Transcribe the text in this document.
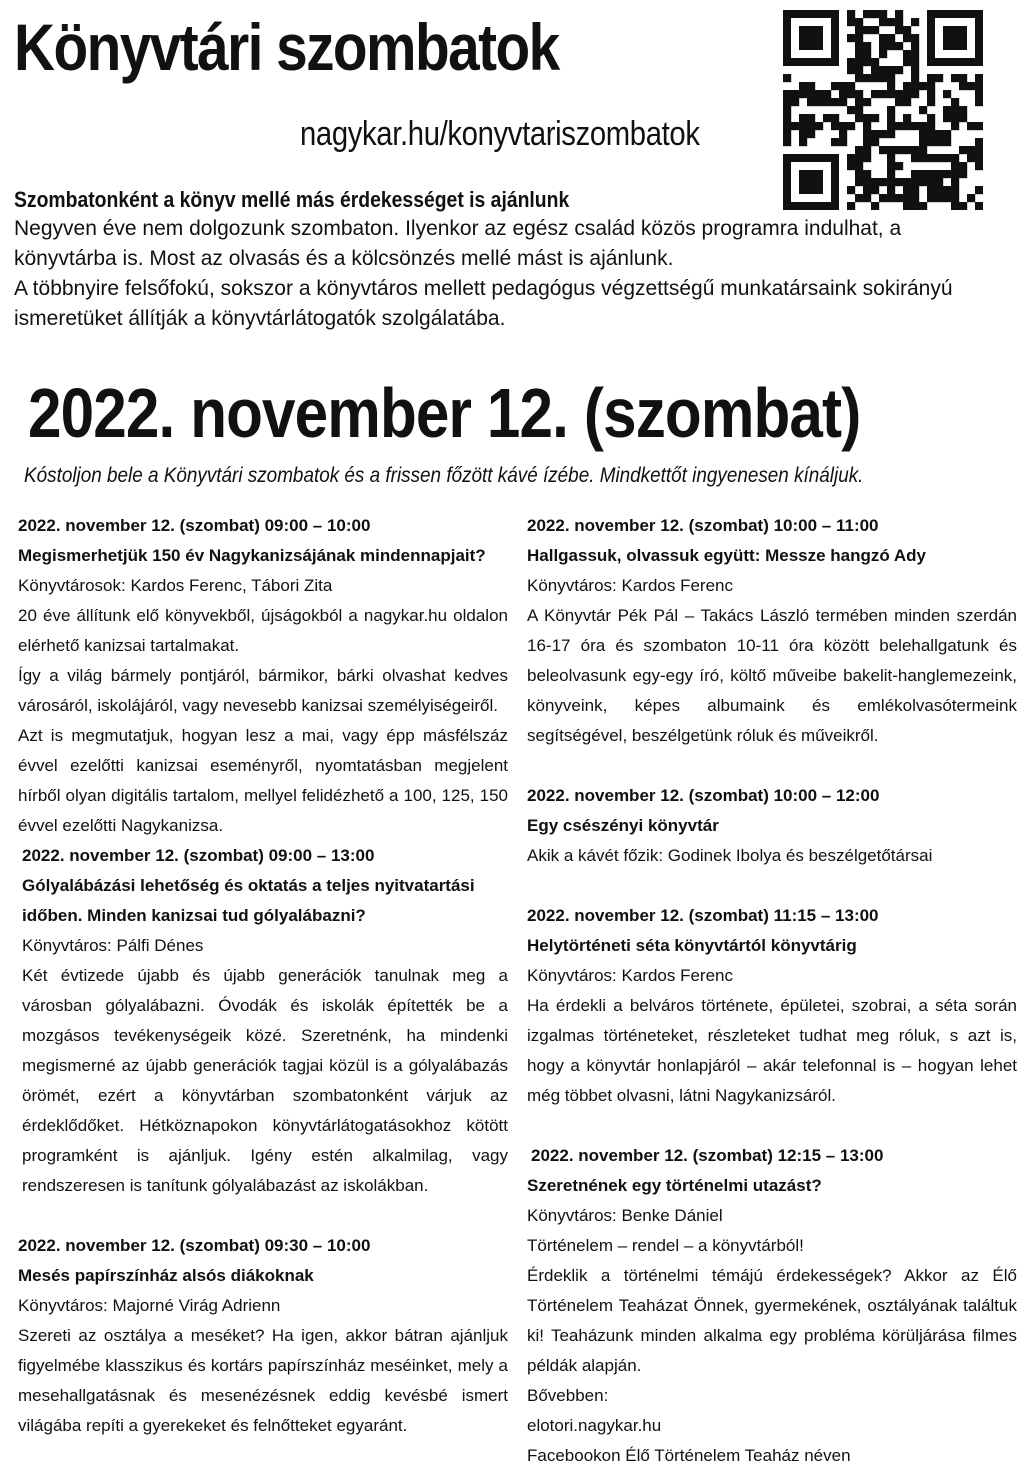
Könyvtári szombatok
nagykar.hu/konyvtariszombatok
Szombatonként a könyv mellé más érdekességet is ajánlunk

Negyven éve nem dolgozunk szombaton. Ilyenkor az egész család közös programra indulhat, a könyvtárba is. Most az olvasás és a kölcsönzés mellé mást is ajánlunk.

A többnyire felsőfokú, sokszor a könyvtáros mellett pedagógus végzettségű munkatársaink sokirányú ismeretüket állítják a könyvtárlátogatók szolgálatába.

2022. november 12. (szombat)
Kóstoljon bele a Könyvtári szombatok és a frissen főzött kávé ízébe. Mindkettőt ingyenesen kínáljuk.
2022. november 12. (szombat) 09:00 – 10:00
Megismerhetjük 150 év Nagykanizsájának mindennapjait?
Könyvtárosok: Kardos Ferenc, Tábori Zita
20 éve állítunk elő könyvekből, újságokból a nagykar.hu oldalon elérhető kanizsai tartalmakat.
Így a világ bármely pontjáról, bármikor, bárki olvashat kedves városáról, iskolájáról, vagy nevesebb kanizsai személyiségeiről.
Azt is megmutatjuk, hogyan lesz a mai, vagy épp másfélszáz évvel ezelőtti kanizsai eseményről, nyomtatásban megjelent hírből olyan digitális tartalom, mellyel felidézhető a 100, 125, 150 évvel ezelőtti Nagykanizsa.
2022. november 12. (szombat) 09:00 – 13:00
Gólyalábázási lehetőség és oktatás a teljes nyitvatartási időben. Minden kanizsai tud gólyalábazni?
Könyvtáros: Pálfi Dénes
Két évtizede újabb és újabb generációk tanulnak meg a városban gólyalábazni. Óvodák és iskolák építették be a mozgásos tevékenységeik közé. Szeretnénk, ha mindenki megismerné az újabb generációk tagjai közül is a gólyalábazás örömét, ezért a könyvtárban szombatonként várjuk az érdeklődőket. Hétköznapokon könyvtárlátogatásokhoz kötött programként is ajánljuk. Igény estén alkalmilag, vagy rendszeresen is tanítunk gólyalábazást az iskolákban.
2022. november 12. (szombat) 09:30 – 10:00
Mesés papírszínház alsós diákoknak
Könyvtáros: Majorné Virág Adrienn
Szereti az osztálya a meséket? Ha igen, akkor bátran ajánljuk figyelmébe klasszikus és kortárs papírszínház meséinket, mely a mesehallgatásnak és mesenézésnek eddig kevésbé ismert világába repíti a gyerekeket és felnőtteket egyaránt.
2022. november 12. (szombat) 10:00 – 11:00
Hallgassuk, olvassuk együtt: Messze hangzó Ady
Könyvtáros: Kardos Ferenc
A Könyvtár Pék Pál – Takács László termében minden szerdán 16-17 óra és szombaton 10-11 óra között belehallgatunk és beleolvasunk egy-egy író, költő műveibe bakelit-hanglemezeink, könyveink, képes albumaink és emlékolvasótermeink segítségével, beszélgetünk róluk és műveikről.
2022. november 12. (szombat) 10:00 – 12:00
Egy csészényi könyvtár
Akik a kávét főzik: Godinek Ibolya és beszélgetőtársai
2022. november 12. (szombat) 11:15 – 13:00
Helytörténeti séta könyvtártól könyvtárig
Könyvtáros: Kardos Ferenc
Ha érdekli a belváros története, épületei, szobrai, a séta során izgalmas történeteket, részleteket tudhat meg róluk, s azt is, hogy a könyvtár honlapjáról – akár telefonnal is – hogyan lehet még többet olvasni, látni Nagykanizsáról.
2022. november 12. (szombat) 12:15 – 13:00
Szeretnének egy történelmi utazást?
Könyvtáros: Benke Dániel
Történelem – rendel – a könyvtárból!
Érdeklik a történelmi témájú érdekességek? Akkor az Élő Történelem Teaházat Önnek, gyermekének, osztályának találtuk ki! Teaházunk minden alkalma egy probléma körüljárása filmes példák alapján.
Bővebben:
elotori.nagykar.hu
Facebookon Élő Történelem Teaház néven
